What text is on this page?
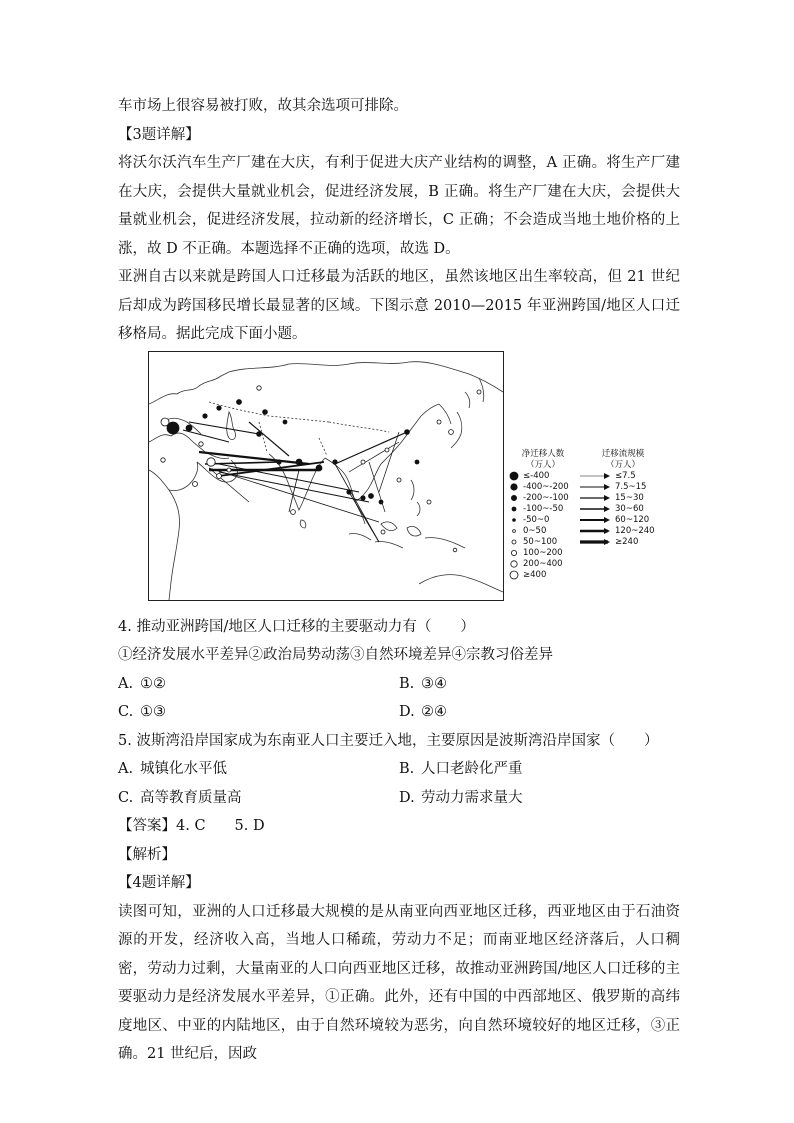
车市场上很容易被打败，故其余选项可排除。

【3题详解】

将沃尔沃汽车生产厂建在大庆，有利于促进大庆产业结构的调整，A 正确。将生产厂建在大庆，会提供大量就业机会，促进经济发展，B 正确。将生产厂建在大庆，会提供大量就业机会，促进经济发展，拉动新的经济增长，C 正确；不会造成当地土地价格的上涨，故 D 不正确。本题选择不正确的选项，故选 D。

亚洲自古以来就是跨国人口迁移最为活跃的地区，虽然该地区出生率较高，但 21 世纪后却成为跨国移民增长最显著的区域。下图示意 2010—2015 年亚洲跨国/地区人口迁移格局。据此完成下面小题。

净迁移人数
（万人）
≤-400
-400~-200
-200~-100
-100~-50
-50~0
0~50
50~100
100~200
200~400
≥400
迁移流规模
（万人）
≤7.5
7.5~15
15~30
30~60
60~120
120~240
≥240

4. 推动亚洲跨国/地区人口迁移的主要驱动力有（　　）

①经济发展水平差异②政治局势动荡③自然环境差异④宗教习俗差异

A. ①②	B. ③④
C. ①③	D. ②④

5. 波斯湾沿岸国家成为东南亚人口主要迁入地，主要原因是波斯湾沿岸国家（　　）

A. 城镇化水平低	B. 人口老龄化严重
C. 高等教育质量高	D. 劳动力需求量大

【答案】4. C　　5. D

【解析】

【4题详解】

读图可知，亚洲的人口迁移最大规模的是从南亚向西亚地区迁移，西亚地区由于石油资源的开发，经济收入高，当地人口稀疏，劳动力不足；而南亚地区经济落后，人口稠密，劳动力过剩，大量南亚的人口向西亚地区迁移，故推动亚洲跨国/地区人口迁移的主要驱动力是经济发展水平差异，①正确。此外，还有中国的中西部地区、俄罗斯的高纬度地区、中亚的内陆地区，由于自然环境较为恶劣，向自然环境较好的地区迁移，③正确。21 世纪后，因政
